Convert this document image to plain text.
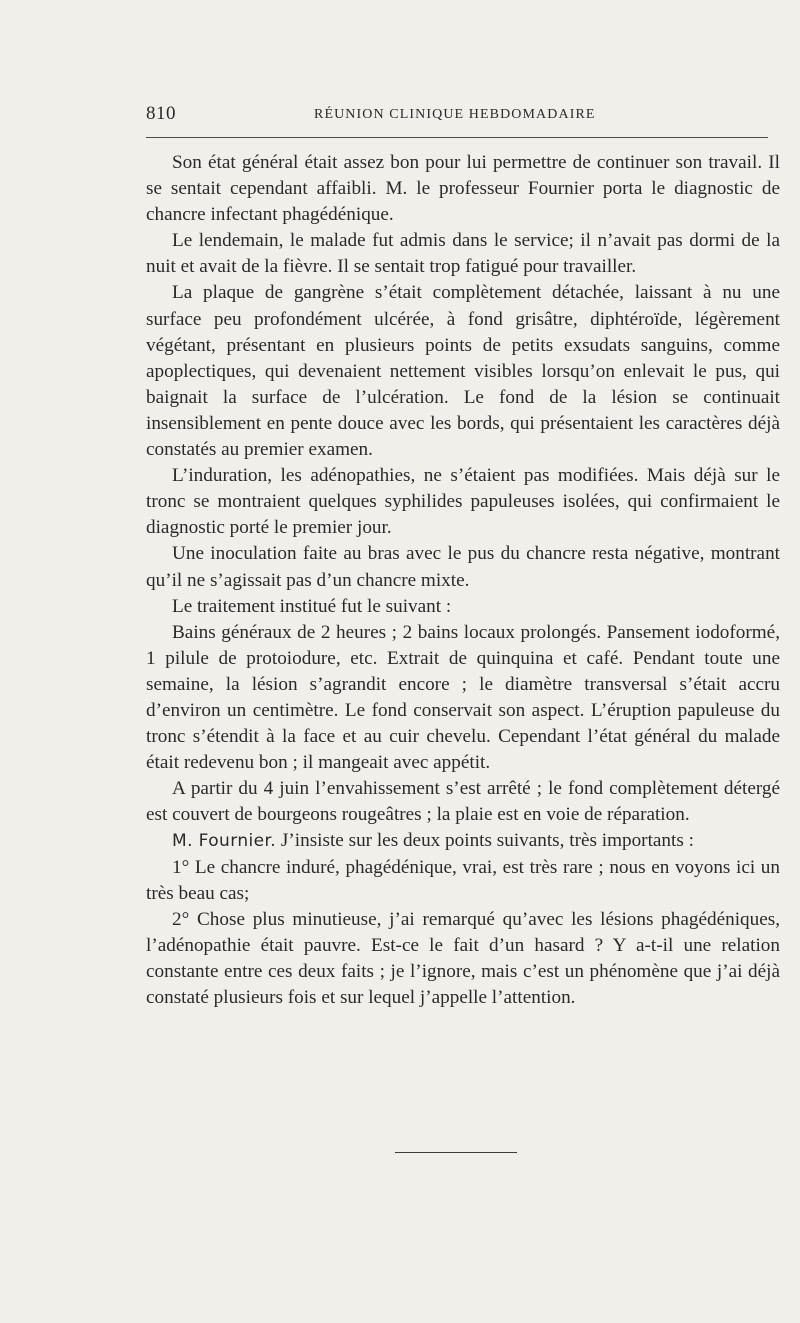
810	RÉUNION CLINIQUE HEBDOMADAIRE

Son état général était assez bon pour lui permettre de continuer son travail. Il se sentait cependant affaibli. M. le professeur Fournier porta le diagnostic de chancre infectant phagédénique.

Le lendemain, le malade fut admis dans le service; il n’avait pas dormi de la nuit et avait de la fièvre. Il se sentait trop fatigué pour travailler.

La plaque de gangrène s’était complètement détachée, laissant à nu une surface peu profondément ulcérée, à fond grisâtre, diphtéroïde, légèrement végétant, présentant en plusieurs points de petits exsudats sanguins, comme apoplectiques, qui devenaient nettement visibles lorsqu’on enlevait le pus, qui baignait la surface de l’ulcération. Le fond de la lésion se continuait insensiblement en pente douce avec les bords, qui présentaient les caractères déjà constatés au premier examen.

L’induration, les adénopathies, ne s’étaient pas modifiées. Mais déjà sur le tronc se montraient quelques syphilides papuleuses isolées, qui confirmaient le diagnostic porté le premier jour.

Une inoculation faite au bras avec le pus du chancre resta négative, montrant qu’il ne s’agissait pas d’un chancre mixte.

Le traitement institué fut le suivant :

Bains généraux de 2 heures ; 2 bains locaux prolongés. Pansement iodoformé, 1 pilule de protoiodure, etc. Extrait de quinquina et café. Pendant toute une semaine, la lésion s’agrandit encore ; le diamètre transversal s’était accru d’environ un centimètre. Le fond conservait son aspect. L’éruption papuleuse du tronc s’étendit à la face et au cuir chevelu. Cependant l’état général du malade était redevenu bon ; il mangeait avec appétit.

A partir du 4 juin l’envahissement s’est arrêté ; le fond complètement détergé est couvert de bourgeons rougeâtres ; la plaie est en voie de réparation.

M. Fournier. J’insiste sur les deux points suivants, très importants :

1° Le chancre induré, phagédénique, vrai, est très rare ; nous en voyons ici un très beau cas;

2° Chose plus minutieuse, j’ai remarqué qu’avec les lésions phagédéniques, l’adénopathie était pauvre. Est-ce le fait d’un hasard ? Y a-t-il une relation constante entre ces deux faits ; je l’ignore, mais c’est un phénomène que j’ai déjà constaté plusieurs fois et sur lequel j’appelle l’attention.
